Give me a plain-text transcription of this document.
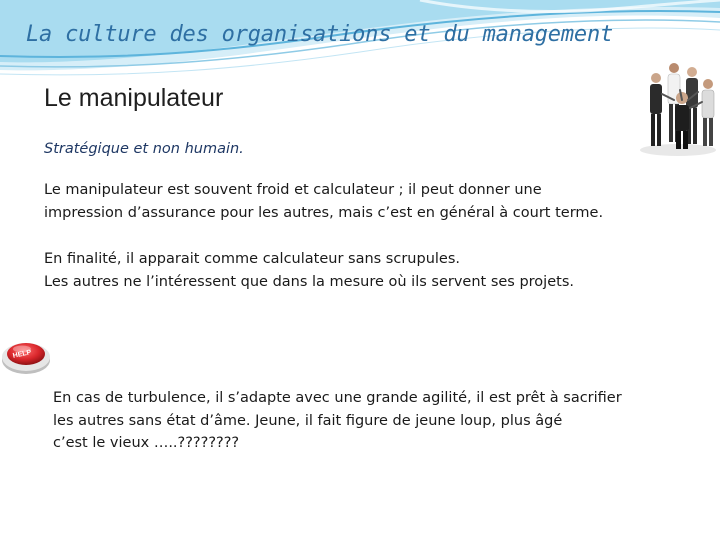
La culture des organisations et du management
Le manipulateur
Stratégique et non humain.
Le manipulateur est souvent froid et calculateur ; il peut donner une
impression d’assurance pour les autres, mais c’est en général à court terme.
En finalité, il apparait comme calculateur sans scrupules.
Les autres ne l’intéressent que dans la mesure où ils servent ses projets.
HELP
En cas de turbulence, il s’adapte avec une grande agilité, il est prêt à sacrifier
les autres sans état d’âme. Jeune, il fait figure de jeune loup, plus âgé
c’est le vieux …..????????
